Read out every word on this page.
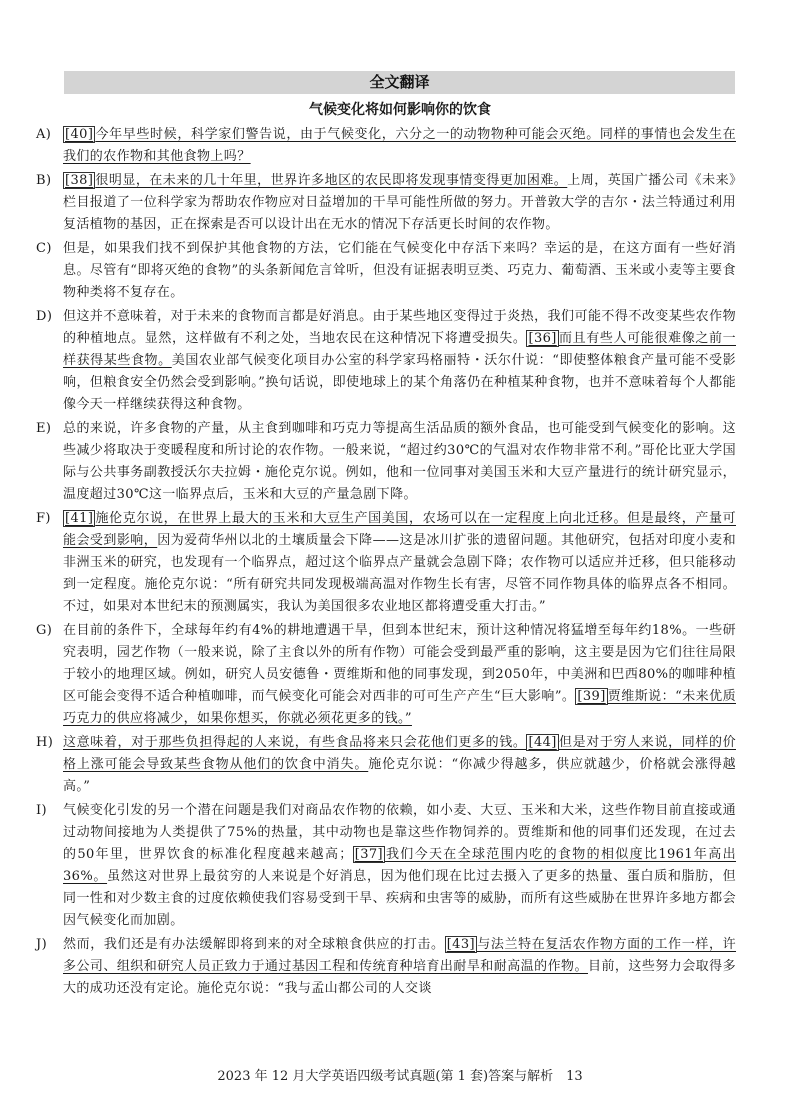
全文翻译
气候变化将如何影响你的饮食
A) [40] 今年早些时候，科学家们警告说，由于气候变化，六分之一的动物物种可能会灭绝。同样的事情也会发生在我们的农作物和其他食物上吗？
B) [38] 很明显，在未来的几十年里，世界许多地区的农民即将发现事情变得更加困难。上周，英国广播公司《未来》栏目报道了一位科学家为帮助农作物应对日益增加的干旱可能性所做的努力。开普敦大学的吉尔・法兰特通过利用复活植物的基因，正在探索是否可以设计出在无水的情况下存活更长时间的农作物。
C) 但是，如果我们找不到保护其他食物的方法，它们能在气候变化中存活下来吗？幸运的是，在这方面有一些好消息。尽管有“即将灭绝的食物”的头条新闻危言耸听，但没有证据表明豆类、巧克力、葡萄酒、玉米或小麦等主要食物种类将不复存在。
D) 但这并不意味着，对于未来的食物而言都是好消息。由于某些地区变得过于炎热，我们可能不得不改变某些农作物的种植地点。显然，这样做有不利之处，当地农民在这种情况下将遭受损失。 [36] 而且有些人可能很难像之前一样获得某些食物。美国农业部气候变化项目办公室的科学家玛格丽特・沃尔什说：“即使整体粮食产量可能不受影响，但粮食安全仍然会受到影响。”换句话说，即使地球上的某个角落仍在种植某种食物，也并不意味着每个人都能像今天一样继续获得这种食物。
E) 总的来说，许多食物的产量，从主食到咖啡和巧克力等提高生活品质的额外食品，也可能受到气候变化的影响。这些减少将取决于变暖程度和所讨论的农作物。一般来说，“超过约30℃的气温对农作物非常不利。”哥伦比亚大学国际与公共事务副教授沃尔夫拉姆・施伦克尔说。例如，他和一位同事对美国玉米和大豆产量进行的统计研究显示，温度超过30℃这一临界点后，玉米和大豆的产量急剧下降。
F) [41] 施伦克尔说，在世界上最大的玉米和大豆生产国美国，农场可以在一定程度上向北迁移。但是最终，产量可能会受到影响，因为爱荷华州以北的土壤质量会下降——这是冰川扩张的遗留问题。其他研究，包括对印度小麦和非洲玉米的研究，也发现有一个临界点，超过这个临界点产量就会急剧下降；农作物可以适应并迁移，但只能移动到一定程度。施伦克尔说：“所有研究共同发现极端高温对作物生长有害，尽管不同作物具体的临界点各不相同。不过，如果对本世纪末的预测属实，我认为美国很多农业地区都将遭受重大打击。”
G) 在目前的条件下，全球每年约有4%的耕地遭遇干旱，但到本世纪末，预计这种情况将猛增至每年约18%。一些研究表明，园艺作物（一般来说，除了主食以外的所有作物）可能会受到最严重的影响，这主要是因为它们往往局限于较小的地理区域。例如，研究人员安德鲁・贾维斯和他的同事发现，到2050年，中美洲和巴西80%的咖啡种植区可能会变得不适合种植咖啡，而气候变化可能会对西非的可可生产产生“巨大影响”。 [39] 贾维斯说：“未来优质巧克力的供应将减少，如果你想买，你就必须花更多的钱。”
H) 这意味着，对于那些负担得起的人来说，有些食品将来只会花他们更多的钱。 [44] 但是对于穷人来说，同样的价格上涨可能会导致某些食物从他们的饮食中消失。施伦克尔说：“你减少得越多，供应就越少，价格就会涨得越高。”
I) 气候变化引发的另一个潜在问题是我们对商品农作物的依赖，如小麦、大豆、玉米和大米，这些作物目前直接或通过动物间接地为人类提供了75%的热量，其中动物也是靠这些作物饲养的。贾维斯和他的同事们还发现，在过去的50年里，世界饮食的标准化程度越来越高； [37] 我们今天在全球范围内吃的食物的相似度比1961年高出36%。虽然这对世界上最贫穷的人来说是个好消息，因为他们现在比过去摄入了更多的热量、蛋白质和脂肪，但同一性和对少数主食的过度依赖使我们容易受到干旱、疾病和虫害等的威胁，而所有这些威胁在世界许多地方都会因气候变化而加剧。
J) 然而，我们还是有办法缓解即将到来的对全球粮食供应的打击。 [43] 与法兰特在复活农作物方面的工作一样，许多公司、组织和研究人员正致力于通过基因工程和传统育种培育出耐旱和耐高温的作物。目前，这些努力会取得多大的成功还没有定论。施伦克尔说：“我与孟山都公司的人交谈
2023 年 12 月大学英语四级考试真题(第 1 套)答案与解析　13
